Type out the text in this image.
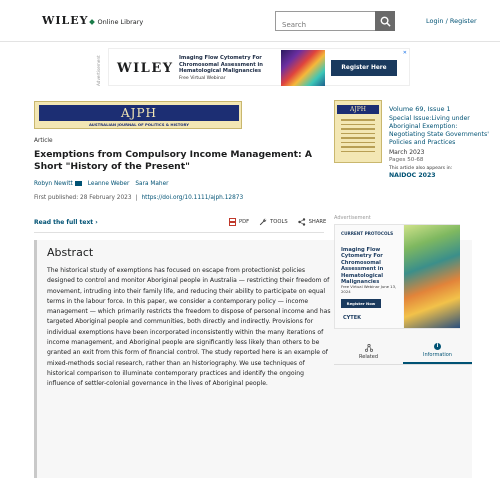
WILEY Online Library
Search	Login / Register
Advertisement WILEY
Imaging Flow Cytometry For Chromosomal Assessment in Hematological Malignancies
Free Virtual Webinar
Register Here
✕
AJPH
AUSTRALIAN JOURNAL OF POLITICS & HISTORY
Article
Exemptions from Compulsory Income Management: A Short "History of the Present"
Robyn Newitt	Leanne Weber Sara Maher
First published: 28 February 2023 | https://doi.org/10.1111/ajph.12873
Read the full text ›	PDF	TOOLS	SHARE
Abstract
The historical study of exemptions has focused on escape from protectionist policies designed to control and monitor Aboriginal people in Australia — restricting their freedom of movement, intruding into their family life, and reducing their ability to participate on equal terms in the labour force. In this paper, we consider a contemporary policy — income management — which primarily restricts the freedom to dispose of personal income and has targeted Aboriginal people and communities, both directly and indirectly. Provisions for individual exemptions have been incorporated inconsistently within the many iterations of income management, and Aboriginal people are significantly less likely than others to be granted an exit from this form of financial control. The study reported here is an example of mixed-methods social research, rather than an historiography. We use techniques of historical comparison to illuminate contemporary practices and identify the ongoing influence of settler-colonial governance in the lives of Aboriginal people.
AJPH	Volume 69, Issue 1
Special Issue:Living under Aboriginal Exemption: Negotiating State Governments' Policies and Practices
March 2023
Pages 50-68
This article also appears in:
NAIDOC 2023
Advertisement
CURRENT PROTOCOLS
Imaging Flow Cytometry For Chromosomal Assessment in Hematological Malignancies
Free Virtual Webinar June 13, 2024
Register Now
CYTEK
Related
i
Information
